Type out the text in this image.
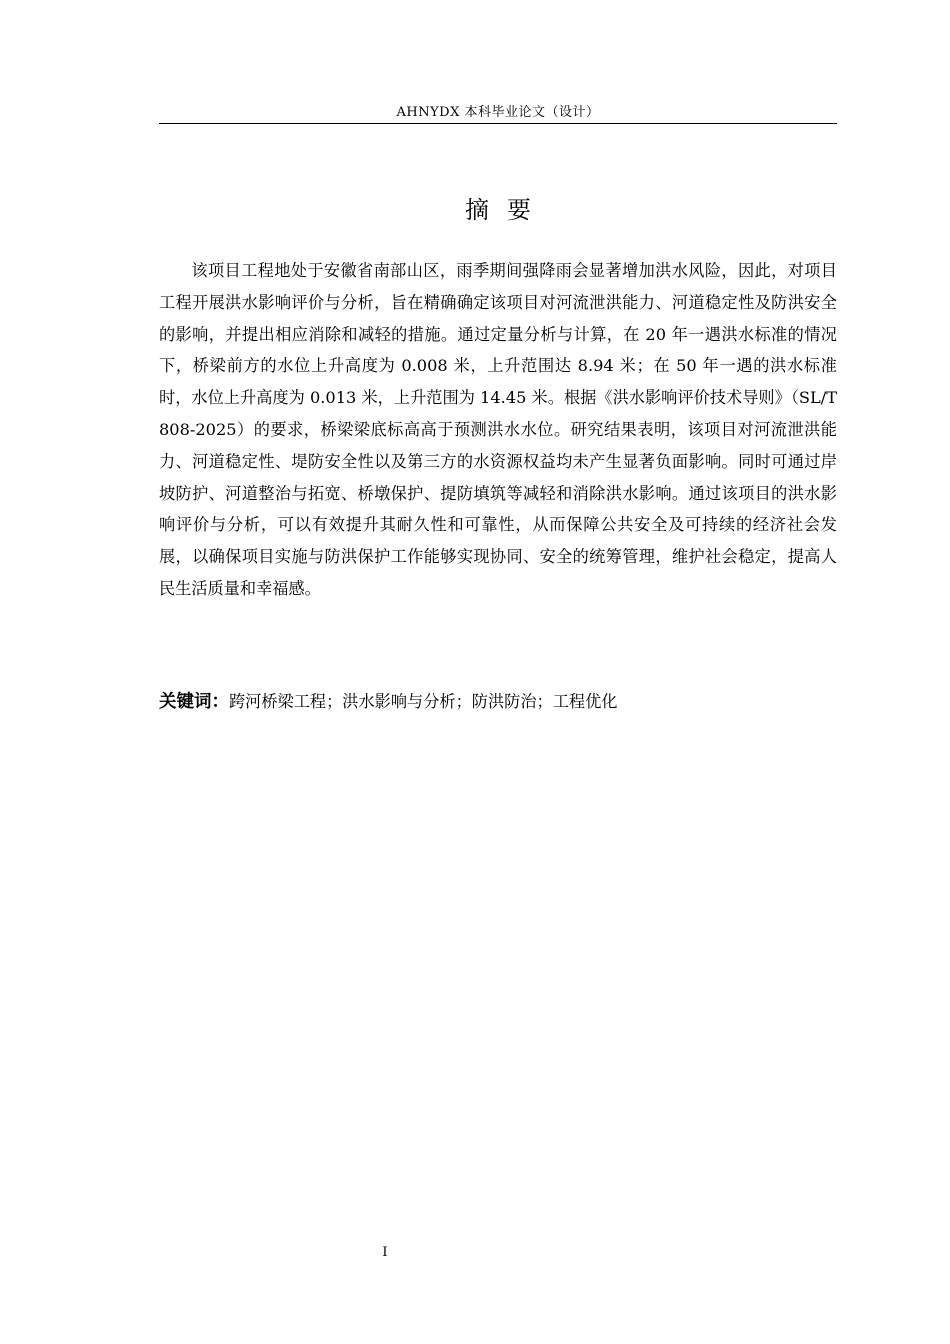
AHNYDX 本科毕业论文（设计）
摘要

该项目工程地处于安徽省南部山区，雨季期间强降雨会显著增加洪水风险，因此，对项目工程开展洪水影响评价与分析，旨在精确确定该项目对河流泄洪能力、河道稳定性及防洪安全的影响，并提出相应消除和减轻的措施。通过定量分析与计算，在 20 年一遇洪水标准的情况下，桥梁前方的水位上升高度为 0.008 米，上升范围达 8.94 米；在 50 年一遇的洪水标准时，水位上升高度为 0.013 米，上升范围为 14.45 米。根据《洪水影响评价技术导则》（SL/T808-2025）的要求，桥梁梁底标高高于预测洪水水位。研究结果表明，该项目对河流泄洪能力、河道稳定性、堤防安全性以及第三方的水资源权益均未产生显著负面影响。同时可通过岸坡防护、河道整治与拓宽、桥墩保护、提防填筑等减轻和消除洪水影响。通过该项目的洪水影响评价与分析，可以有效提升其耐久性和可靠性，从而保障公共安全及可持续的经济社会发展，以确保项目实施与防洪保护工作能够实现协同、安全的统筹管理，维护社会稳定，提高人民生活质量和幸福感。

关键词：跨河桥梁工程；洪水影响与分析；防洪防治；工程优化

I
